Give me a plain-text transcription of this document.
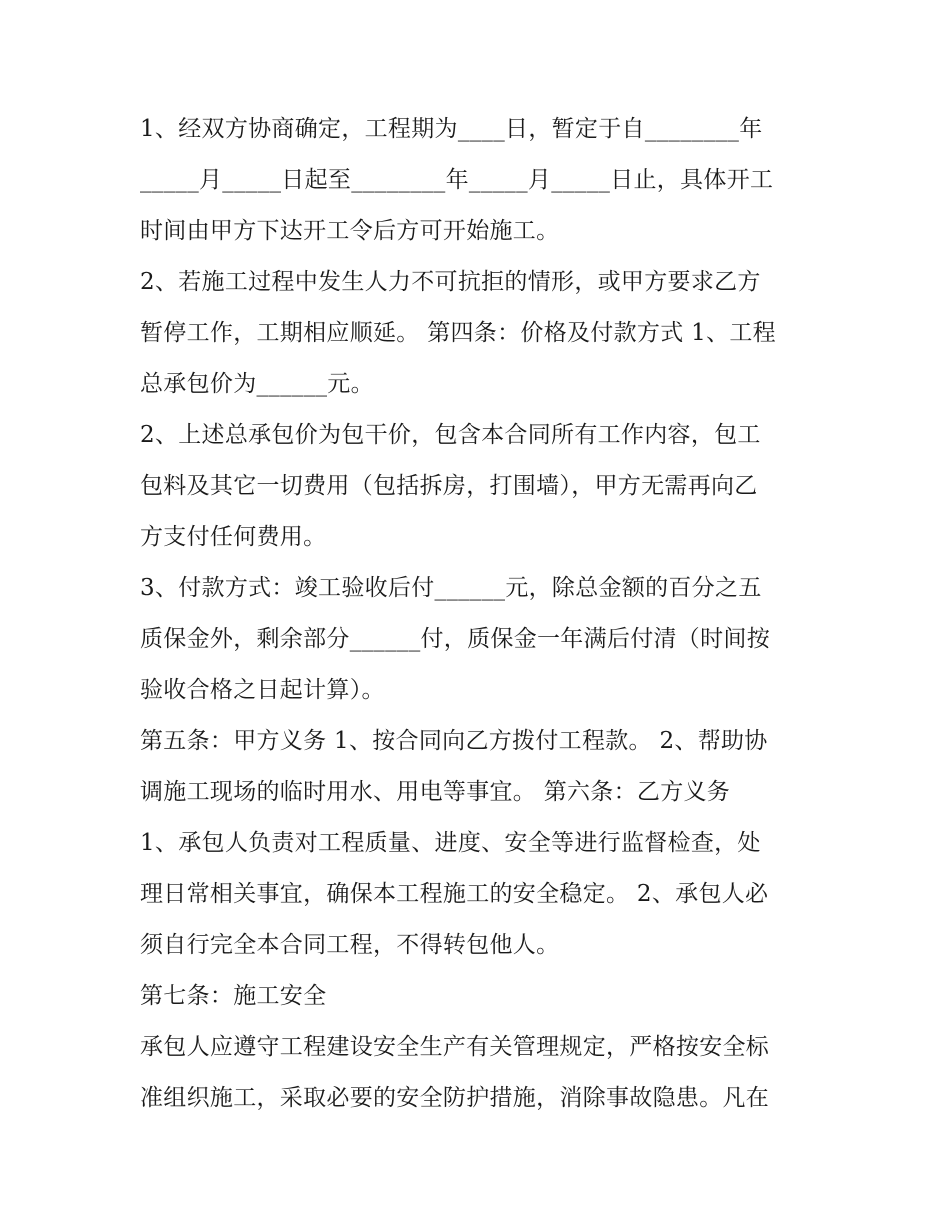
1、经双方协商确定，工程期为____日，暂定于自________年
_____月_____日起至________年_____月_____日止，具体开工
时间由甲方下达开工令后方可开始施工。
2、若施工过程中发生人力不可抗拒的情形，或甲方要求乙方
暂停工作，工期相应顺延。 第四条：价格及付款方式 1、工程
总承包价为______元。
2、上述总承包价为包干价，包含本合同所有工作内容，包工
包料及其它一切费用（包括拆房，打围墙），甲方无需再向乙
方支付任何费用。
3、付款方式：竣工验收后付______元，除总金额的百分之五
质保金外，剩余部分______付，质保金一年满后付清（时间按
验收合格之日起计算）。
第五条：甲方义务 1、按合同向乙方拨付工程款。 2、帮助协
调施工现场的临时用水、用电等事宜。 第六条：乙方义务
1、承包人负责对工程质量、进度、安全等进行监督检查，处
理日常相关事宜，确保本工程施工的安全稳定。 2、承包人必
须自行完全本合同工程，不得转包他人。
第七条：施工安全
承包人应遵守工程建设安全生产有关管理规定，严格按安全标
准组织施工，采取必要的安全防护措施，消除事故隐患。凡在
